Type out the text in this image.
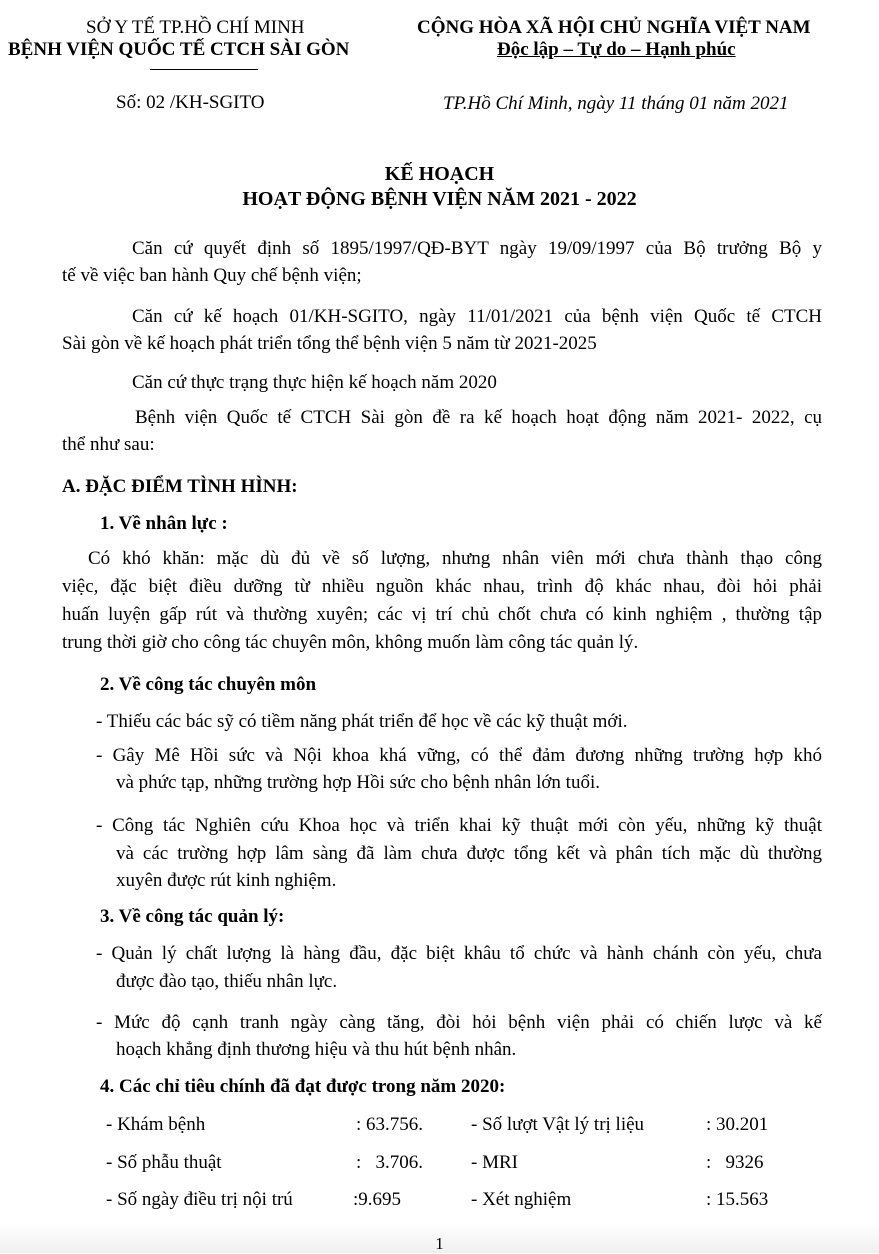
SỞ Y TẾ TP.HỒ CHÍ MINH
BỆNH VIỆN QUỐC TẾ CTCH SÀI GÒN
CỘNG HÒA XÃ HỘI CHỦ NGHĨA VIỆT NAM
Độc lập – Tự do – Hạnh phúc
Số: 02 /KH-SGITO	TP.Hồ Chí Minh, ngày 11 tháng 01 năm 2021
KẾ HOẠCH
HOẠT ĐỘNG BỆNH VIỆN NĂM 2021 - 2022
Căn cứ quyết định số 1895/1997/QĐ-BYT ngày 19/09/1997 của Bộ trưởng Bộ y
tế về việc ban hành Quy chế bệnh viện;
Căn cứ kế hoạch 01/KH-SGITO, ngày 11/01/2021 của bệnh viện Quốc tế CTCH
Sài gòn về kế hoạch phát triển tổng thể bệnh viện 5 năm từ 2021-2025
Căn cứ thực trạng thực hiện kế hoạch năm 2020
Bệnh viện Quốc tế CTCH Sài gòn đề ra kế hoạch hoạt động năm 2021- 2022, cụ
thể như sau:
A. ĐẶC ĐIỂM TÌNH HÌNH:
1. Về nhân lực :
Có khó khăn: mặc dù đủ về số lượng, nhưng nhân viên mới chưa thành thạo công
việc, đặc biệt điều dưỡng từ nhiều nguồn khác nhau, trình độ khác nhau, đòi hỏi phải
huấn luyện gấp rút và thường xuyên; các vị trí chủ chốt chưa có kinh nghiệm , thường tập
trung thời giờ cho công tác chuyên môn, không muốn làm công tác quản lý.
2. Về công tác chuyên môn
- Thiếu các bác sỹ có tiềm năng phát triển để học về các kỹ thuật mới.
- Gây Mê Hồi sức và Nội khoa khá vững, có thể đảm đương những trường hợp khó
và phức tạp, những trường hợp Hồi sức cho bệnh nhân lớn tuổi.
- Công tác Nghiên cứu Khoa học và triển khai kỹ thuật mới còn yếu, những kỹ thuật
và các trường hợp lâm sàng đã làm chưa được tổng kết và phân tích mặc dù thường
xuyên được rút kinh nghiệm.
3. Về công tác quản lý:
- Quản lý chất lượng là hàng đầu, đặc biệt khâu tổ chức và hành chánh còn yếu, chưa
được đào tạo, thiếu nhân lực.
- Mức độ cạnh tranh ngày càng tăng, đòi hỏi bệnh viện phải có chiến lược và kế
hoạch khẳng định thương hiệu và thu hút bệnh nhân.
4. Các chỉ tiêu chính đã đạt được trong năm 2020:
- Khám bệnh	: 63.756.	- Số lượt Vật lý trị liệu	: 30.201
- Số phẫu thuật	:   3.706.	- MRI	:   9326
- Số ngày điều trị nội trú	:9.695	- Xét nghiệm	: 15.563
1
